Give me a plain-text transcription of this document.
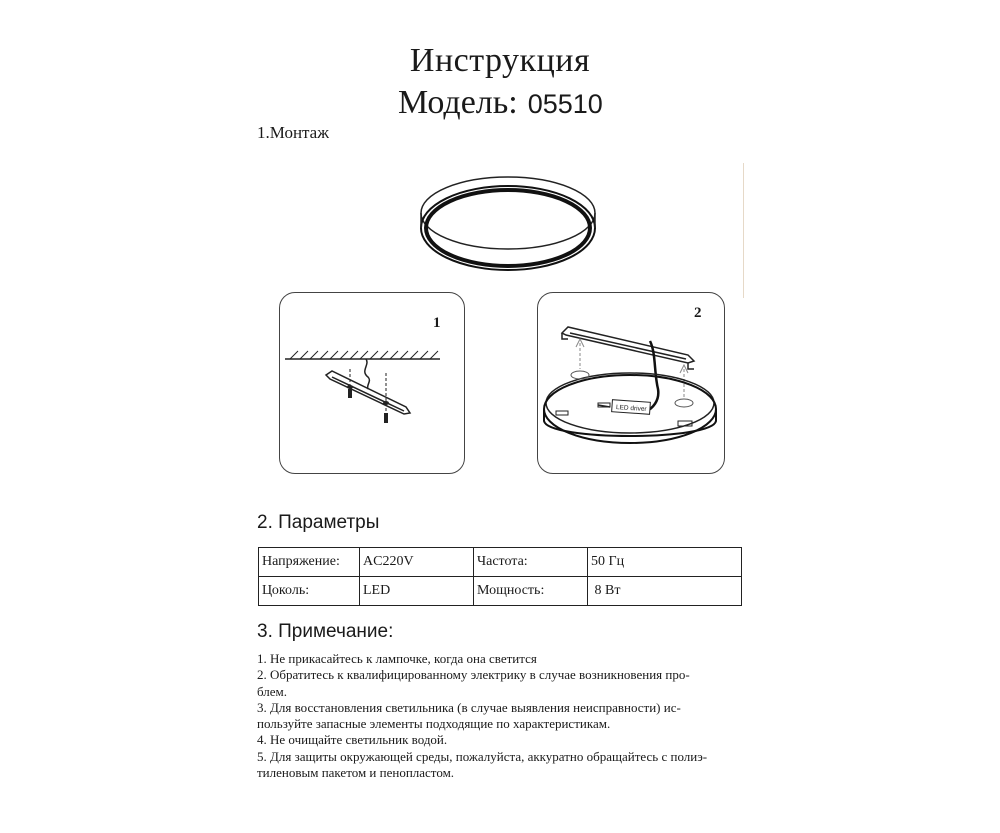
Инструкция
Модель: 05510
1.Монтаж
1
2
LED driver
2. Параметры
Напряжение:	AC220V	Частота:	50 Гц
Цоколь:	LED	Мощность:	8 Вт
3. Примечание:

1. Не прикасайтесь к лампочке, когда она светится

2. Обратитесь к квалифицированному электрику в случае возникновения про-

блем.

3. Для восстановления светильника (в случае выявления неисправности) ис-

пользуйте запасные элементы подходящие по характеристикам.

4. Не очищайте светильник водой.

5. Для защиты окружающей среды, пожалуйста, аккуратно обращайтесь с полиэ-

тиленовым пакетом и пенопластом.
